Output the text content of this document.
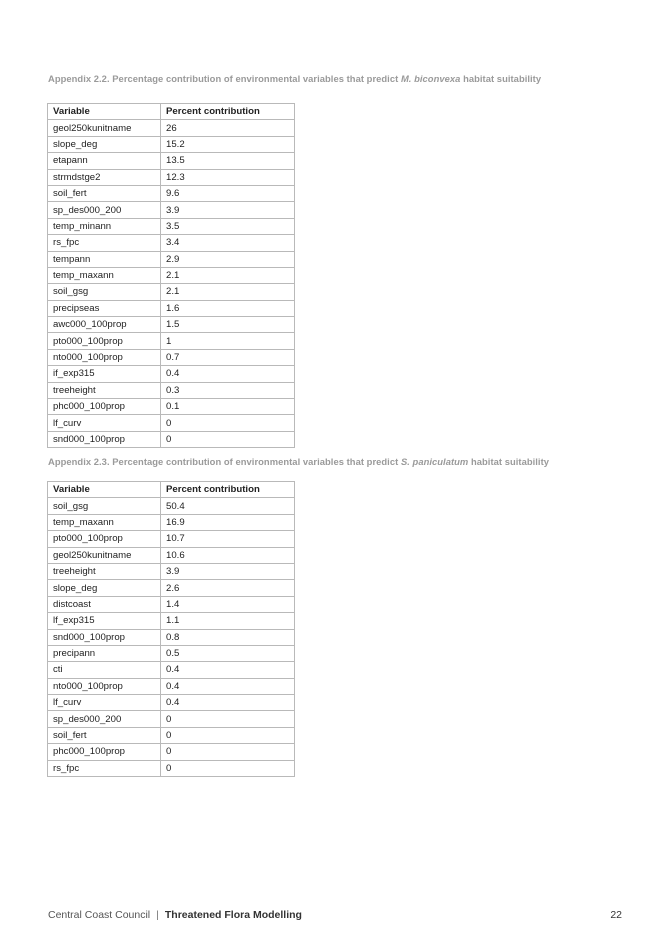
Appendix 2.2. Percentage contribution of environmental variables that predict M. biconvexa habitat suitability
Variable	Percent contribution
geol250kunitname	26
slope_deg	15.2
etapann	13.5
strmdstge2	12.3
soil_fert	9.6
sp_des000_200	3.9
temp_minann	3.5
rs_fpc	3.4
tempann	2.9
temp_maxann	2.1
soil_gsg	2.1
precipseas	1.6
awc000_100prop	1.5
pto000_100prop	1
nto000_100prop	0.7
if_exp315	0.4
treeheight	0.3
phc000_100prop	0.1
lf_curv	0
snd000_100prop	0
Appendix 2.3. Percentage contribution of environmental variables that predict S. paniculatum habitat suitability
Variable	Percent contribution
soil_gsg	50.4
temp_maxann	16.9
pto000_100prop	10.7
geol250kunitname	10.6
treeheight	3.9
slope_deg	2.6
distcoast	1.4
lf_exp315	1.1
snd000_100prop	0.8
precipann	0.5
cti	0.4
nto000_100prop	0.4
lf_curv	0.4
sp_des000_200	0
soil_fert	0
phc000_100prop	0
rs_fpc	0
Central Coast Council | Threatened Flora Modelling	22
